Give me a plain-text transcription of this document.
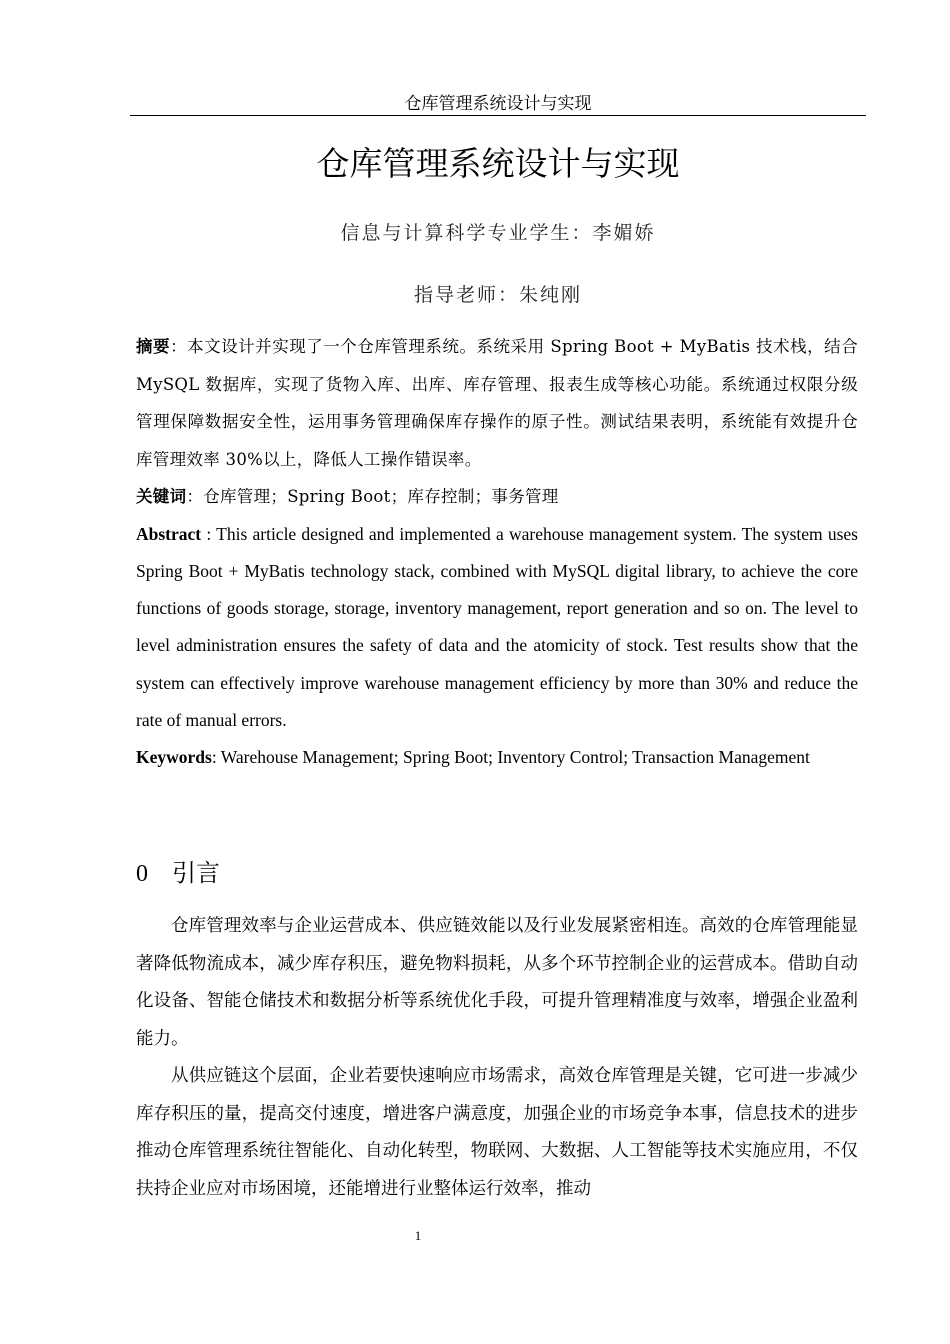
仓库管理系统设计与实现
仓库管理系统设计与实现
信息与计算科学专业学生：李媚娇
指导老师：朱纯刚

摘要：本文设计并实现了一个仓库管理系统。系统采用 Spring Boot + MyBatis 技术栈，结合 MySQL 数据库，实现了货物入库、出库、库存管理、报表生成等核心功能。系统通过权限分级管理保障数据安全性，运用事务管理确保库存操作的原子性。测试结果表明，系统能有效提升仓库管理效率 30%以上，降低人工操作错误率。

关键词：仓库管理；Spring Boot；库存控制；事务管理

Abstract : This article designed and implemented a warehouse management system. The system uses Spring Boot + MyBatis technology stack, combined with MySQL digital library, to achieve the core functions of goods storage, storage, inventory management, report generation and so on. The level to level administration ensures the safety of data and the atomicity of stock. Test results show that the system can effectively improve warehouse management efficiency by more than 30% and reduce the rate of manual errors.

Keywords: Warehouse Management; Spring Boot; Inventory Control; Transaction Management

0 引言

仓库管理效率与企业运营成本、供应链效能以及行业发展紧密相连。高效的仓库管理能显著降低物流成本，减少库存积压，避免物料损耗，从多个环节控制企业的运营成本。借助自动化设备、智能仓储技术和数据分析等系统优化手段，可提升管理精准度与效率，增强企业盈利能力。

从供应链这个层面，企业若要快速响应市场需求，高效仓库管理是关键，它可进一步减少库存积压的量，提高交付速度，增进客户满意度，加强企业的市场竞争本事，信息技术的进步推动仓库管理系统往智能化、自动化转型，物联网、大数据、人工智能等技术实施应用，不仅扶持企业应对市场困境，还能增进行业整体运行效率，推动

1
